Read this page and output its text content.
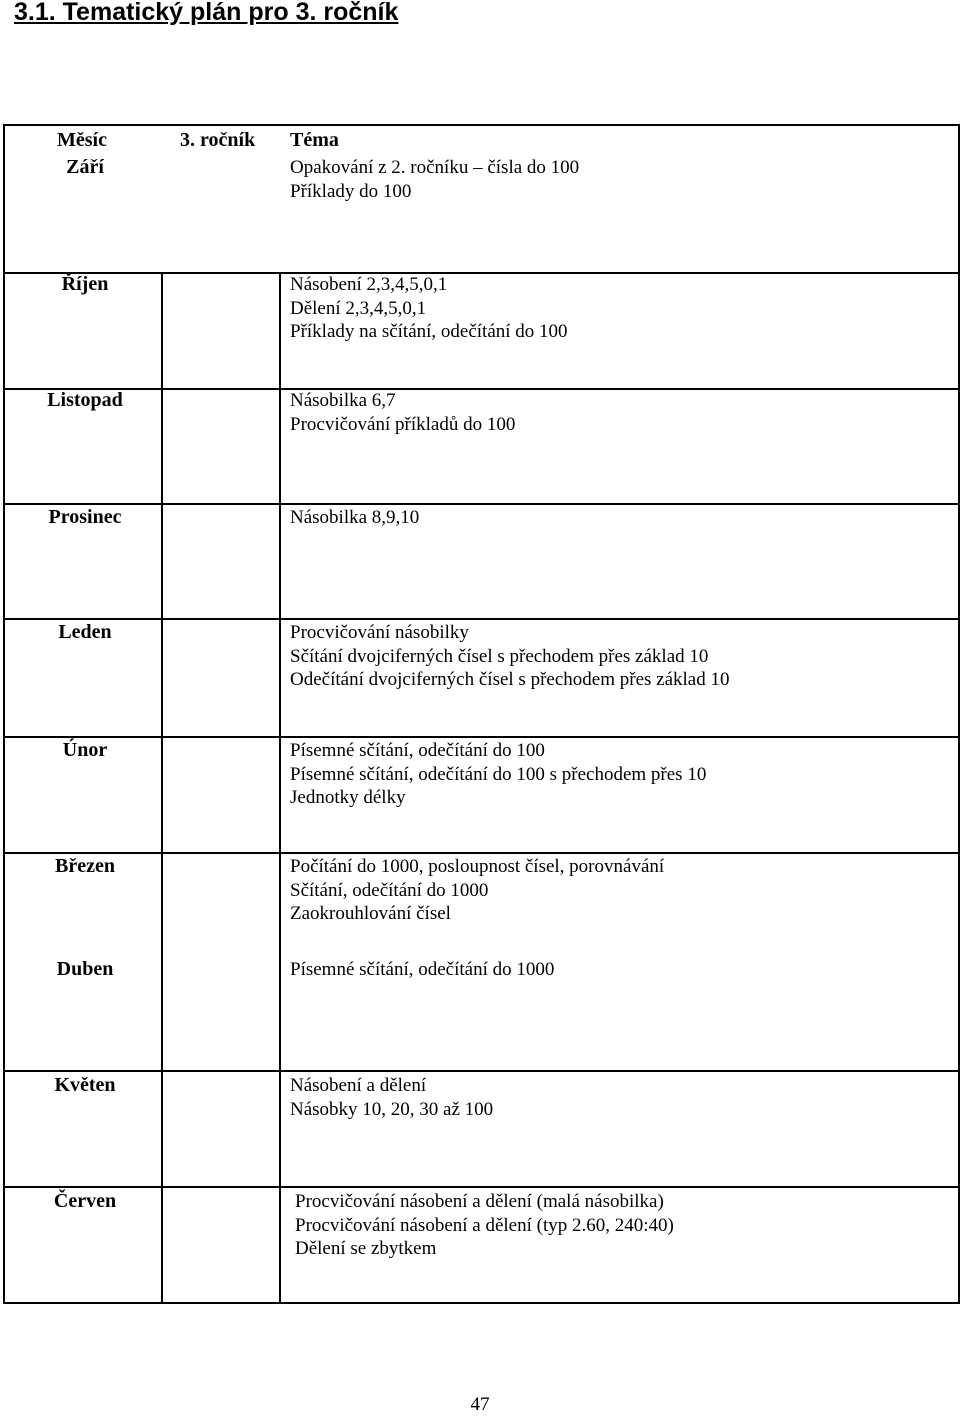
3.1. Tematický plán pro 3. ročník
Měsíc	3. ročník Téma
Září	Opakování z 2. ročníku – čísla do 100
Příklady do 100
Říjen	Násobení 2,3,4,5,0,1
Dělení 2,3,4,5,0,1
Příklady na sčítání, odečítání do 100
Listopad	Násobilka 6,7
Procvičování příkladů do 100
Prosinec	Násobilka 8,9,10
Leden	Procvičování násobilky
Sčítání dvojciferných čísel s přechodem přes základ 10
Odečítání dvojciferných čísel s přechodem přes základ 10
Únor	Písemné sčítání, odečítání do 100
Písemné sčítání, odečítání do 100 s přechodem přes 10
Jednotky délky
Březen	Počítání do 1000, posloupnost čísel, porovnávání
Sčítání, odečítání do 1000
Zaokrouhlování čísel
Duben	Písemné sčítání, odečítání do 1000
Květen	Násobení a dělení
Násobky 10, 20, 30 až 100
Červen	Procvičování násobení a dělení (malá násobilka)
Procvičování násobení a dělení (typ 2.60, 240:40)
Dělení se zbytkem
47
